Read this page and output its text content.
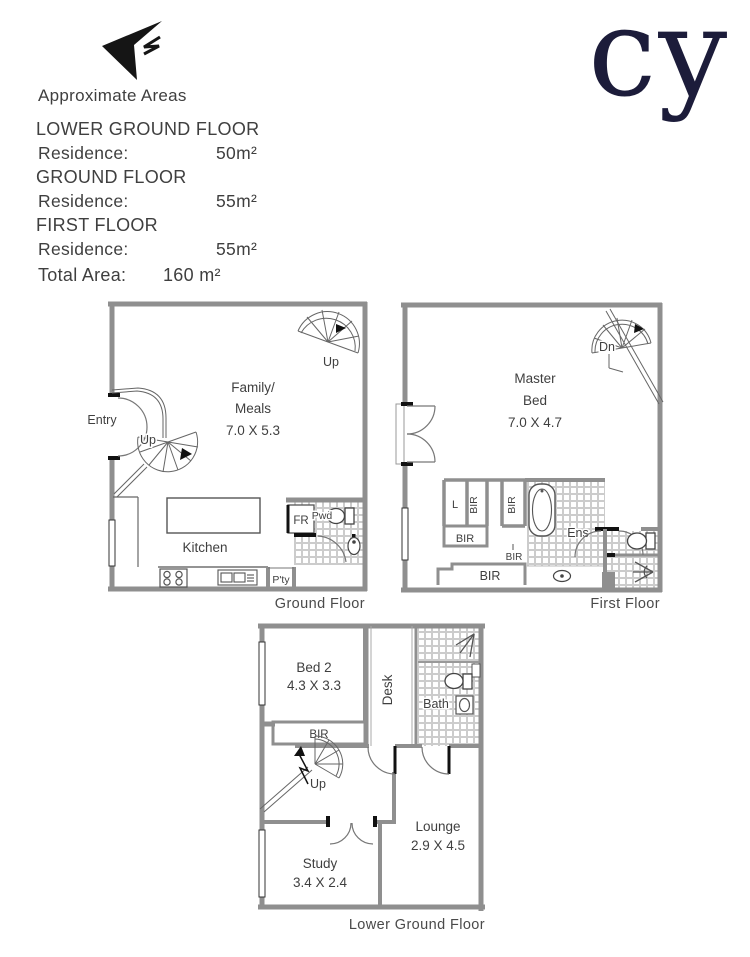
cy
Approximate Areas
LOWER GROUND FLOOR
Residence:	50m²
GROUND FLOOR
Residence:	55m²
FIRST FLOOR
Residence:	55m²
Total Area: 160 m²
Entry
Up
Up
Family/
Meals
7.0 X 5.3
Kitchen
P'ty
FR Pwd
Ground Floor
Dn
Master
Bed
7.0 X 4.7
L BIR BIR
BIR
BIR
BIR
Ens
First Floor
Bed 2
4.3 X 3.3
BIR
Desk Bath
Up
Study
3.4 X 2.4
Lounge
2.9 X 4.5
Lower Ground Floor
